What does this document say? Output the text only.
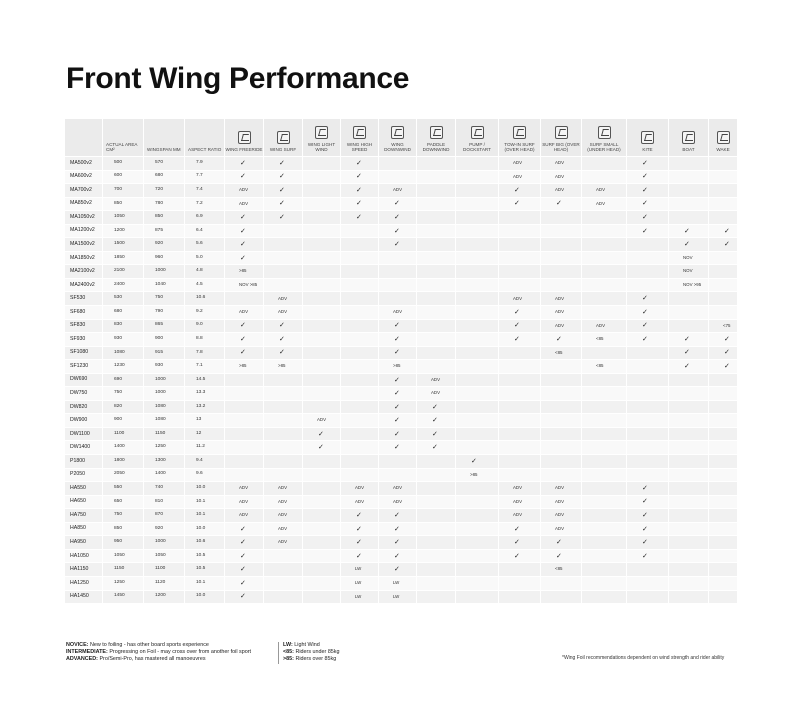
Front Wing Performance

	ACTUAL AREA CM²	WINGSPAN MM	ASPECT RATIO	WING FREERIDE	WING SURF	WING LIGHT WIND	WING HIGH SPEED	WING DOWNWIND	PADDLE DOWNWIND	PUMP / DOCKSTART	TOW-IN SURF (OVER HEAD)	SURF BIG (OVER HEAD)	SURF SMALL (UNDER HEAD)	KITE	BOAT	WAKE

MA500v2	500	570	7.9	✓	✓		✓				ADV	ADV		✓		
MA600v2	600	680	7.7	✓	✓		✓				ADV	ADV		✓		
MA700v2	700	720	7.4	ADV	✓		✓	ADV			✓	ADV	ADV	✓		
MA850v2	850	780	7.2	ADV	✓		✓	✓			✓	✓	ADV	✓		
MA1050v2	1050	850	6.9	✓	✓		✓	✓						✓		
MA1200v2	1200	875	6.4	✓				✓						✓	✓	✓
MA1500v2	1500	920	5.6	✓				✓							✓	✓
MA1850v2	1850	960	5.0	✓											NOV	
MA2100v2	2100	1000	4.8	>85											NOV	
MA2400v2	2400	1040	4.5	NOV >85											NOV >95	
SF530	530	750	10.6		ADV						ADV	ADV		✓		
SF680	680	790	9.2	ADV	ADV			ADV			✓	ADV		✓		
SF830	830	865	9.0	✓	✓			✓			✓	ADV	ADV	✓		<75
SF930	930	900	8.8	✓	✓			✓			✓	✓	<85	✓	✓	✓
SF1080	1080	915	7.8	✓	✓			✓				<85			✓	✓
SF1230	1230	930	7.1	>85	>85			>85					<85		✓	✓
DW690	690	1000	14.5					✓	ADV							
DW750	750	1000	13.3					✓	ADV							
DW820	820	1080	13.2					✓	✓							
DW900	900	1080	13			ADV		✓	✓							
DW1100	1100	1150	12			✓		✓	✓							
DW1400	1400	1250	11.2			✓		✓	✓							
P1800	1800	1300	9.4							✓						
P2050	2050	1400	9.6							>85						
HA550	550	740	10.0	ADV	ADV		ADV	ADV			ADV	ADV		✓		
HA650	650	810	10.1	ADV	ADV		ADV	ADV			ADV	ADV		✓		
HA750	750	870	10.1	ADV	ADV		✓	✓			ADV	ADV		✓		
HA850	850	920	10.0	✓	ADV		✓	✓			✓	ADV		✓		
HA950	950	1000	10.6	✓	ADV		✓	✓			✓	✓		✓		
HA1050	1050	1050	10.5	✓			✓	✓			✓	✓		✓		
HA1150	1150	1100	10.5	✓			LW	✓				<85				
HA1250	1250	1120	10.1	✓			LW	LW								
HA1450	1450	1200	10.0	✓			LW	LW								
NOVICE: New to foiling - has other board sports experience
INTERMEDIATE: Progressing on Foil - may cross over from another foil sport
ADVANCED: Pro/Semi-Pro, has mastered all manoeuvres
LW: Light Wind
<85: Riders under 85kg
>85: Riders over 85kg	*Wing Foil recommendations dependent on wind strength and rider ability
